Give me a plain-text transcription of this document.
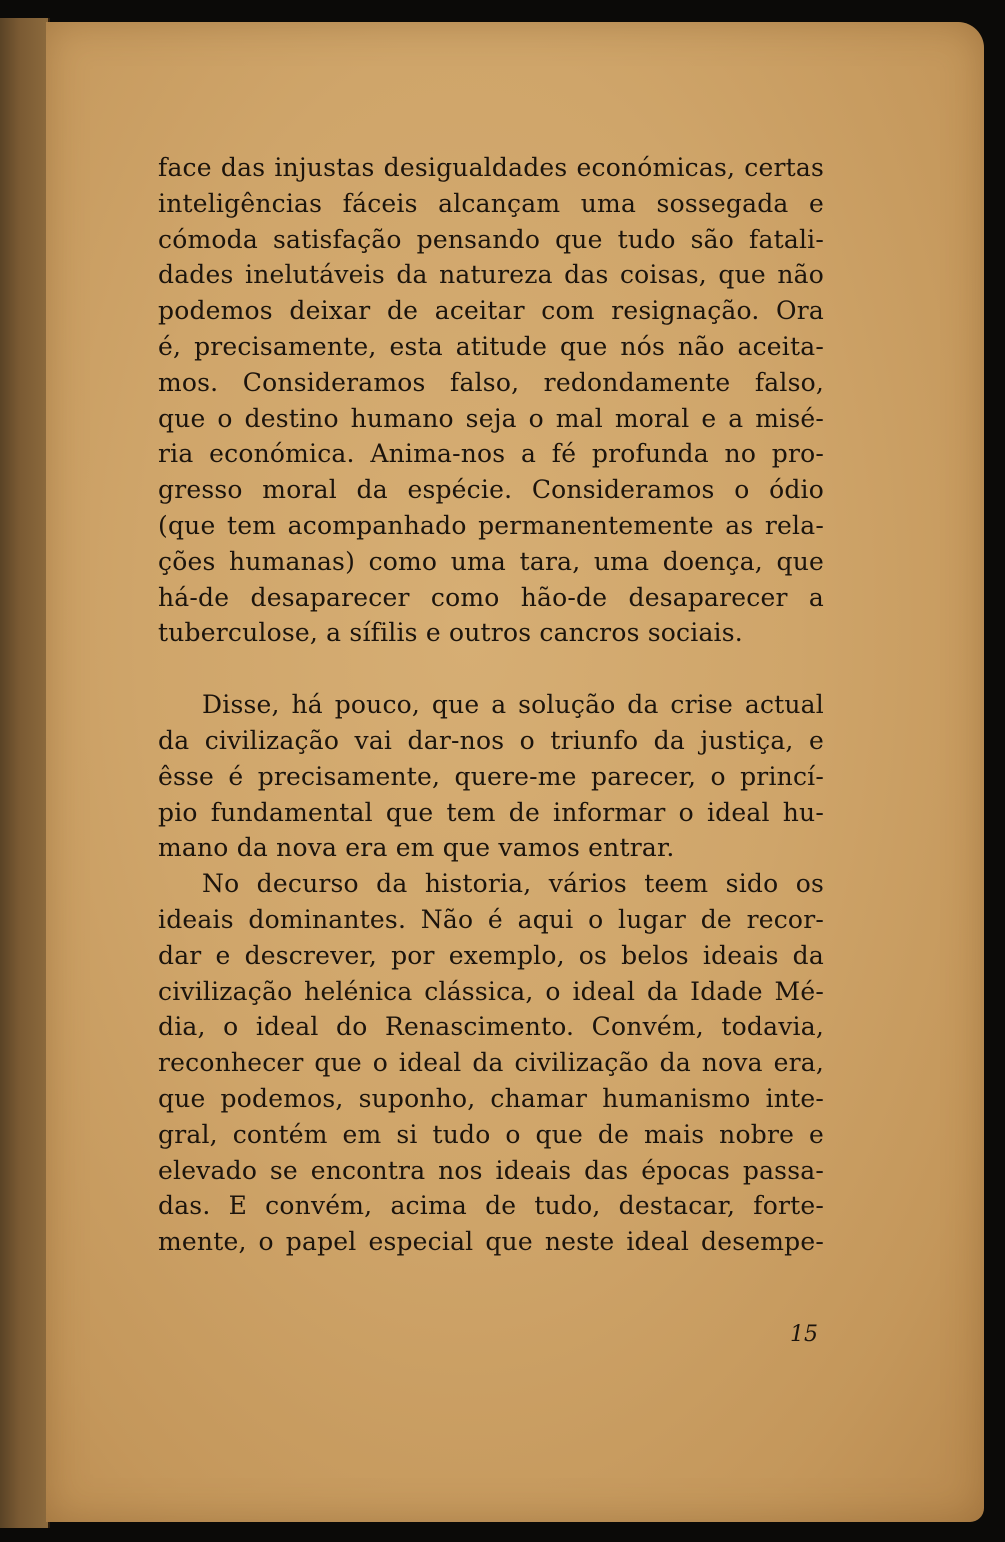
face das injustas desigualdades económicas, certas
inteligências fáceis alcançam uma sossegada e
cómoda satisfação pensando que tudo são fatali-
dades inelutáveis da natureza das coisas, que não
podemos deixar de aceitar com resignação. Ora
é, precisamente, esta atitude que nós não aceita-
mos. Consideramos falso, redondamente falso,
que o destino humano seja o mal moral e a misé-
ria económica. Anima-nos a fé profunda no pro-
gresso moral da espécie. Consideramos o ódio
(que tem acompanhado permanentemente as rela-
ções humanas) como uma tara, uma doença, que
há-de desaparecer como hão-de desaparecer a
tuberculose, a sífilis e outros cancros sociais.
Disse, há pouco, que a solução da crise actual
da civilização vai dar-nos o triunfo da justiça, e
êsse é precisamente, quere-me parecer, o princí-
pio fundamental que tem de informar o ideal hu-
mano da nova era em que vamos entrar.
No decurso da historia, vários teem sido os
ideais dominantes. Não é aqui o lugar de recor-
dar e descrever, por exemplo, os belos ideais da
civilização helénica clássica, o ideal da Idade Mé-
dia, o ideal do Renascimento. Convém, todavia,
reconhecer que o ideal da civilização da nova era,
que podemos, suponho, chamar humanismo inte-
gral, contém em si tudo o que de mais nobre e
elevado se encontra nos ideais das épocas passa-
das. E convém, acima de tudo, destacar, forte-
mente, o papel especial que neste ideal desempe-
15
